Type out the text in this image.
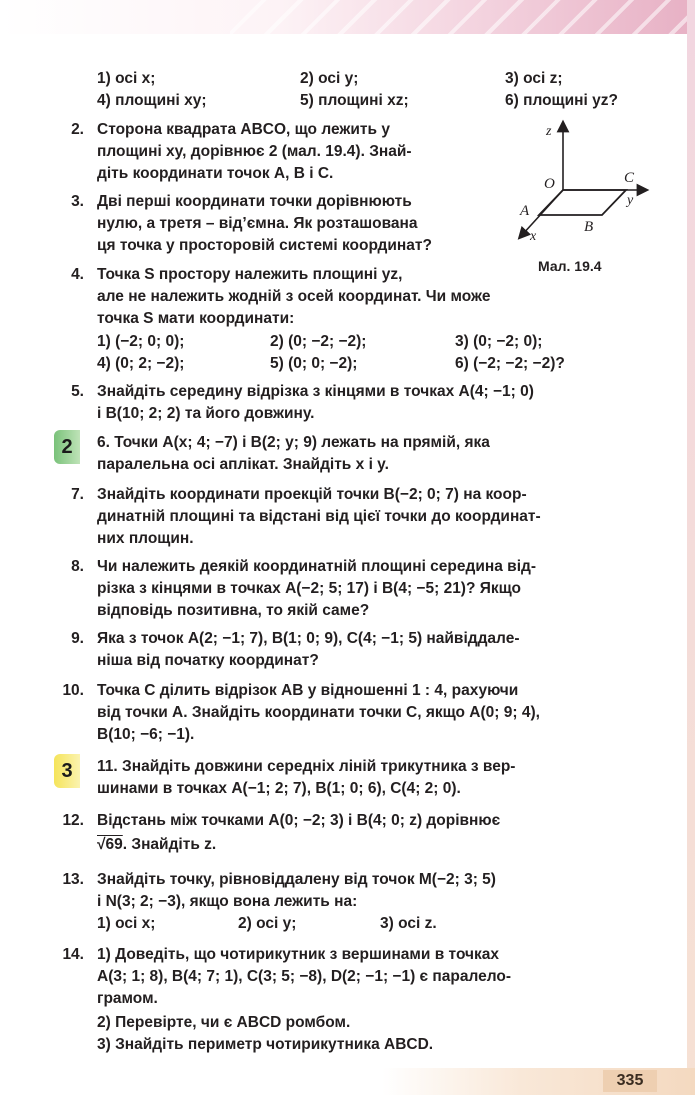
335
1) осі x;	2) осі y;	3) осі z;
4) площині xy;	5) площині xz;	6) площині yz?
2. Сторона квадрата ABCO, що лежить у
площині xy, дорівнює 2 (мал. 19.4). Знай-
діть координати точок A, B і C.
3. Дві перші координати точки дорівнюють
нулю, а третя – від’ємна. Як розташована
ця точка у просторовій системі координат?
z
O	C
y
A
B
x
Мал. 19.4
4. Точка S простору належить площині yz,
але не належить жодній з осей координат. Чи може
точка S мати координати:
1) (−2; 0; 0);	2) (0; −2; −2);	3) (0; −2; 0);
4) (0; 2; −2);	5) (0; 0; −2);	6) (−2; −2; −2)?
5. Знайдіть середину відрізка з кінцями в точках A(4; −1; 0)
і B(10; 2; 2) та його довжину.
2	6. Точки A(x; 4; −7) і B(2; y; 9) лежать на прямій, яка
паралельна осі аплікат. Знайдіть x і y.
7. Знайдіть координати проекцій точки B(−2; 0; 7) на коор-
динатній площині та відстані від цієї точки до координат-
них площин.
8. Чи належить деякій координатній площині середина від-
різка з кінцями в точках A(−2; 5; 17) і B(4; −5; 21)? Якщо
відповідь позитивна, то якій саме?
9. Яка з точок A(2; −1; 7), B(1; 0; 9), C(4; −1; 5) найвіддале-
ніша від початку координат?
10. Точка C ділить відрізок AB у відношенні 1 : 4, рахуючи
від точки A. Знайдіть координати точки C, якщо A(0; 9; 4),
B(10; −6; −1).
3	11. Знайдіть довжини середніх ліній трикутника з вер-
шинами в точках A(−1; 2; 7), B(1; 0; 6), C(4; 2; 0).
12. Відстань між точками A(0; −2; 3) і B(4; 0; z) дорівнює
√69. Знайдіть z.
13. Знайдіть точку, рівновіддалену від точок M(−2; 3; 5)
і N(3; 2; −3), якщо вона лежить на:
1) осі x;	2) осі y;	3) осі z.
14. 1) Доведіть, що чотирикутник з вершинами в точках
A(3; 1; 8), B(4; 7; 1), C(3; 5; −8), D(2; −1; −1) є паралело-
грамом.
2) Перевірте, чи є ABCD ромбом.
3) Знайдіть периметр чотирикутника ABCD.
